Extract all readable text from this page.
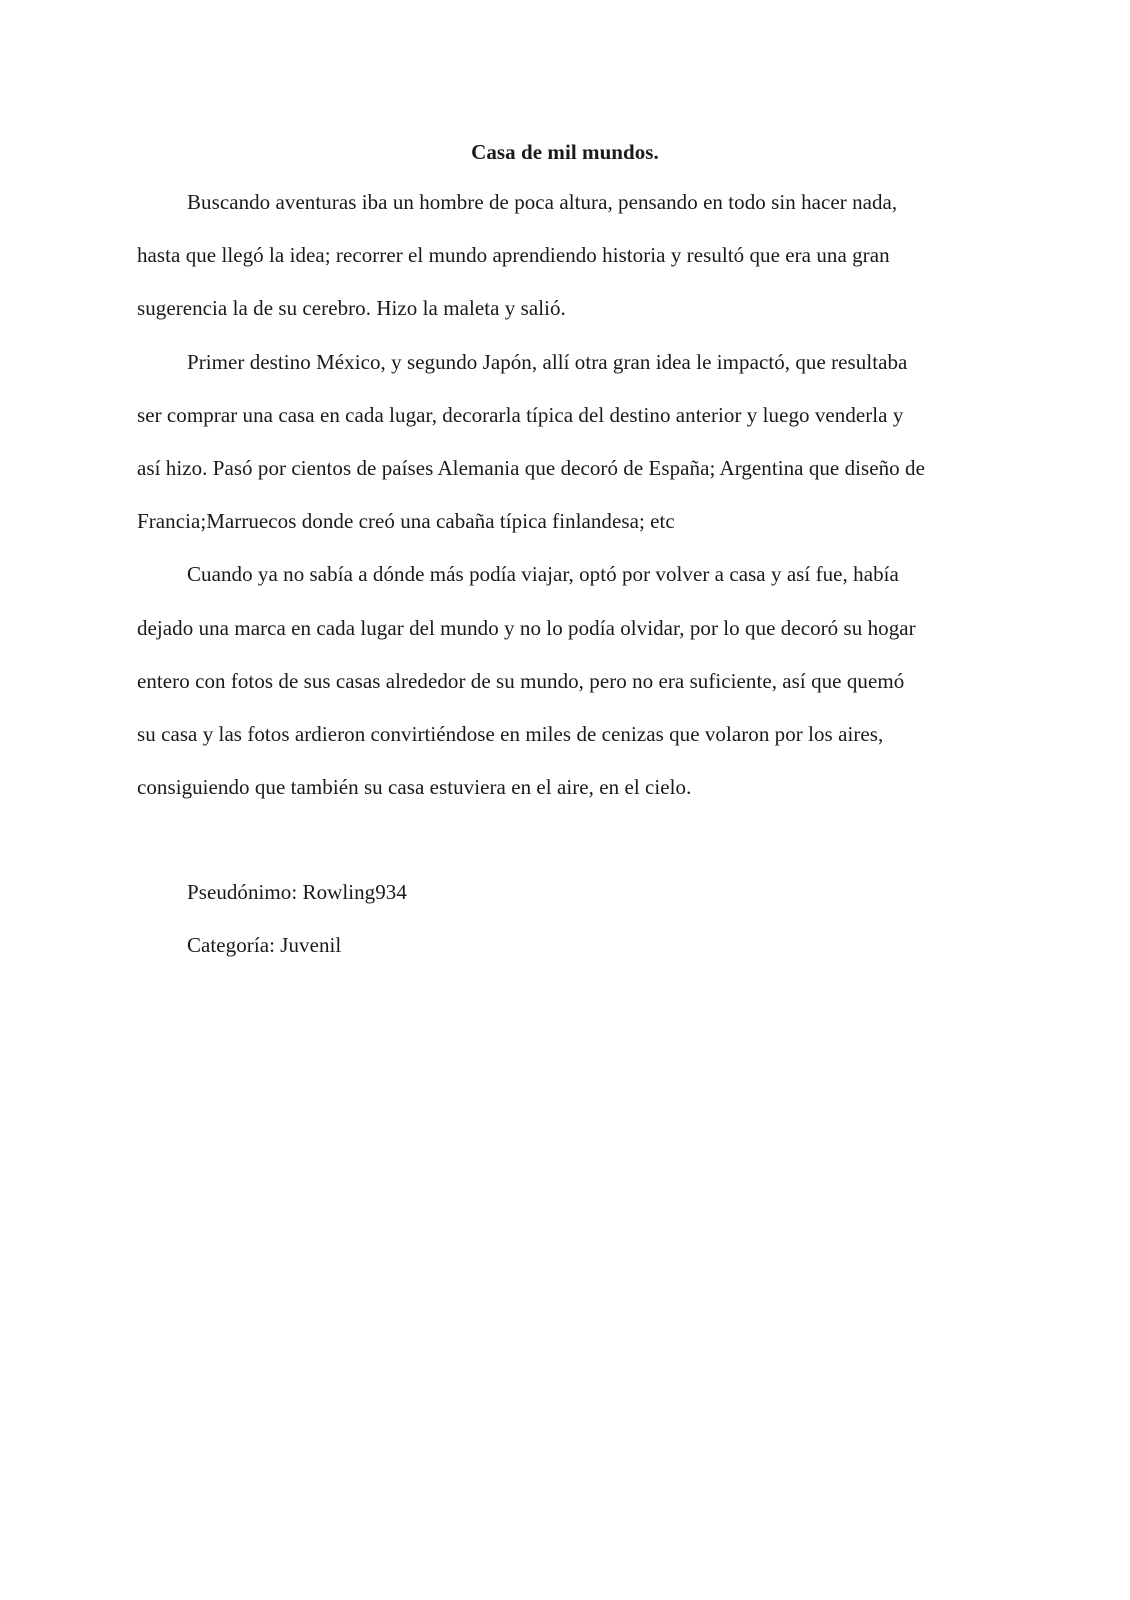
Casa de mil mundos.
Buscando aventuras iba un hombre de poca altura, pensando en todo sin hacer nada,
hasta que llegó la idea; recorrer el mundo aprendiendo historia y resultó que era una gran
sugerencia la de su cerebro. Hizo la maleta y salió.
Primer destino México, y segundo Japón, allí otra gran idea le impactó, que resultaba
ser comprar una casa en cada lugar, decorarla típica del destino anterior y luego venderla y
así hizo. Pasó por cientos de países Alemania que decoró de España; Argentina que diseño de
Francia;Marruecos donde creó una cabaña típica finlandesa; etc
Cuando ya no sabía a dónde más podía viajar, optó por volver a casa y así fue, había
dejado una marca en cada lugar del mundo y no lo podía olvidar, por lo que decoró su hogar
entero con fotos de sus casas alrededor de su mundo, pero no era suficiente, así que quemó
su casa y las fotos ardieron convirtiéndose en miles de cenizas que volaron por los aires,
consiguiendo que también su casa estuviera en el aire, en el cielo.
Pseudónimo: Rowling934
Categoría: Juvenil
